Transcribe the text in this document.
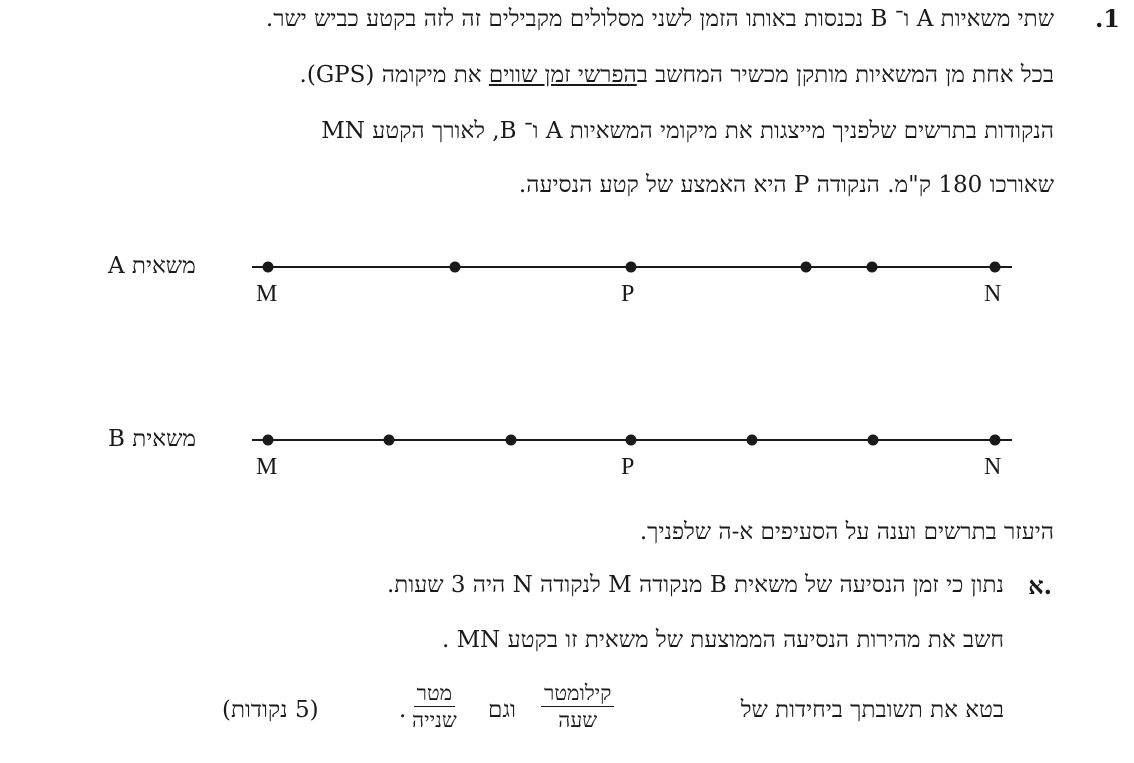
.1
שתי משאיות A ו־ B נכנסות באותו הזמן לשני מסלולים מקבילים זה לזה בקטע כביש ישר.
בכל אחת מן המשאיות מותקן מכשיר המחשב בהפרשי זמן שווים את מיקומה (GPS).
הנקודות בתרשים שלפניך מייצגות את מיקומי המשאיות A ו־ B, לאורך הקטע MN
שאורכו 180 ק"מ. הנקודה P היא האמצע של קטע הנסיעה.
משאית A
M	P	N
משאית B
M	P	N
היעזר בתרשים וענה על הסעיפים א-ה שלפניך.
א.
נתון כי זמן הנסיעה של משאית B מנקודה M לנקודה N היה 3 שעות.
חשב את מהירות הנסיעה הממוצעת של משאית זו בקטע MN .
בטא את תשובתך ביחידות של
קילומטר
שעה
וגם
מטר
שנייה
.
(5 נקודות)
